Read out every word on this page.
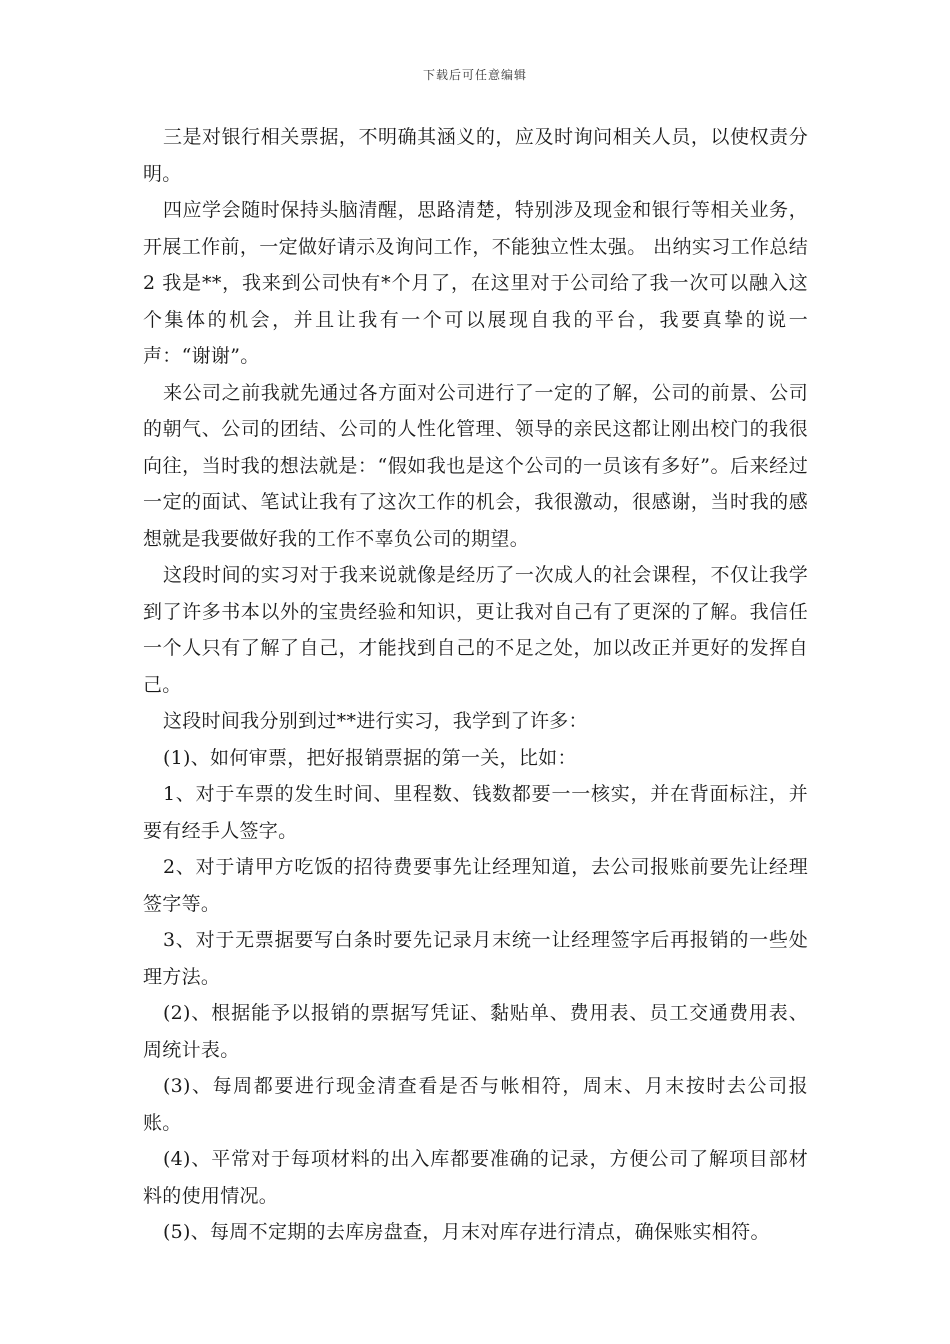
下载后可任意编辑

三是对银行相关票据，不明确其涵义的，应及时询问相关人员，以使权责分明。

四应学会随时保持头脑清醒，思路清楚，特别涉及现金和银行等相关业务，开展工作前，一定做好请示及询问工作，不能独立性太强。 出纳实习工作总结2 我是**，我来到公司快有*个月了，在这里对于公司给了我一次可以融入这个集体的机会，并且让我有一个可以展现自我的平台，我要真挚的说一声：“谢谢”。

来公司之前我就先通过各方面对公司进行了一定的了解，公司的前景、公司的朝气、公司的团结、公司的人性化管理、领导的亲民这都让刚出校门的我很向往，当时我的想法就是：“假如我也是这个公司的一员该有多好”。后来经过一定的面试、笔试让我有了这次工作的机会，我很激动，很感谢，当时我的感想就是我要做好我的工作不辜负公司的期望。

这段时间的实习对于我来说就像是经历了一次成人的社会课程，不仅让我学到了许多书本以外的宝贵经验和知识，更让我对自己有了更深的了解。我信任一个人只有了解了自己，才能找到自己的不足之处，加以改正并更好的发挥自己。

这段时间我分别到过**进行实习，我学到了许多：

(1)、如何审票，把好报销票据的第一关，比如：

1、对于车票的发生时间、里程数、钱数都要一一核实，并在背面标注，并要有经手人签字。

2、对于请甲方吃饭的招待费要事先让经理知道，去公司报账前要先让经理签字等。

3、对于无票据要写白条时要先记录月末统一让经理签字后再报销的一些处理方法。

(2)、根据能予以报销的票据写凭证、黏贴单、费用表、员工交通费用表、周统计表。

(3)、每周都要进行现金清查看是否与帐相符，周末、月末按时去公司报账。

(4)、平常对于每项材料的出入库都要准确的记录，方便公司了解项目部材料的使用情况。

(5)、每周不定期的去库房盘查，月末对库存进行清点，确保账实相符。
